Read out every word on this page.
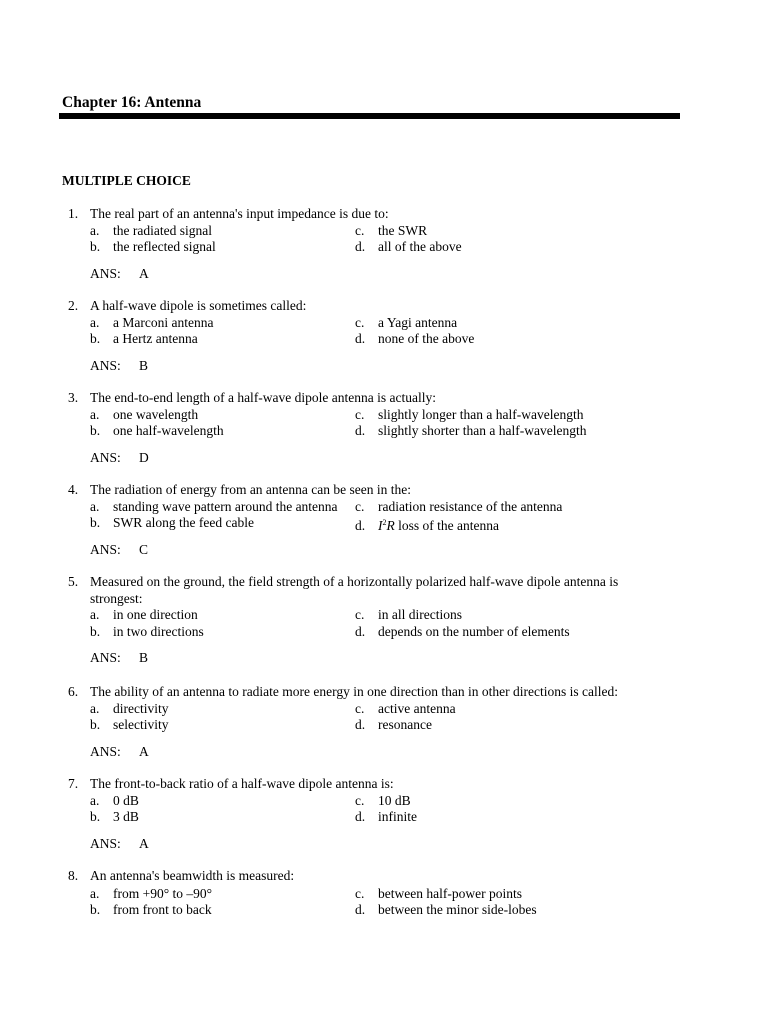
Chapter 16: Antenna
MULTIPLE CHOICE
1. The real part of an antenna's input impedance is due to:
a. the radiated signal	c. the SWR
b. the reflected signal	d. all of the above
ANS: A
2. A half-wave dipole is sometimes called:
a. a Marconi antenna	c. a Yagi antenna
b. a Hertz antenna	d. none of the above
ANS: B
3. The end-to-end length of a half-wave dipole antenna is actually:
a. one wavelength	c. slightly longer than a half-wavelength
b. one half-wavelength	d. slightly shorter than a half-wavelength
ANS: D
4. The radiation of energy from an antenna can be seen in the:
a. standing wave pattern around the antenna c. radiation resistance of the antenna
b. SWR along the feed cable	d. $I^2R$ loss of the antenna
ANS: C
5. Measured on the ground, the field strength of a horizontally polarized half-wave dipole antenna is strongest:
a. in one direction	c. in all directions
b. in two directions	d. depends on the number of elements
ANS: B
6. The ability of an antenna to radiate more energy in one direction than in other directions is called:
a. directivity	c. active antenna
b. selectivity	d. resonance
ANS: A
7. The front-to-back ratio of a half-wave dipole antenna is:
a. 0 dB	c. 10 dB
b. 3 dB	d. infinite
ANS: A
8. An antenna's beamwidth is measured:
a. from +90° to –90°	c. between half-power points
b. from front to back	d. between the minor side-lobes
